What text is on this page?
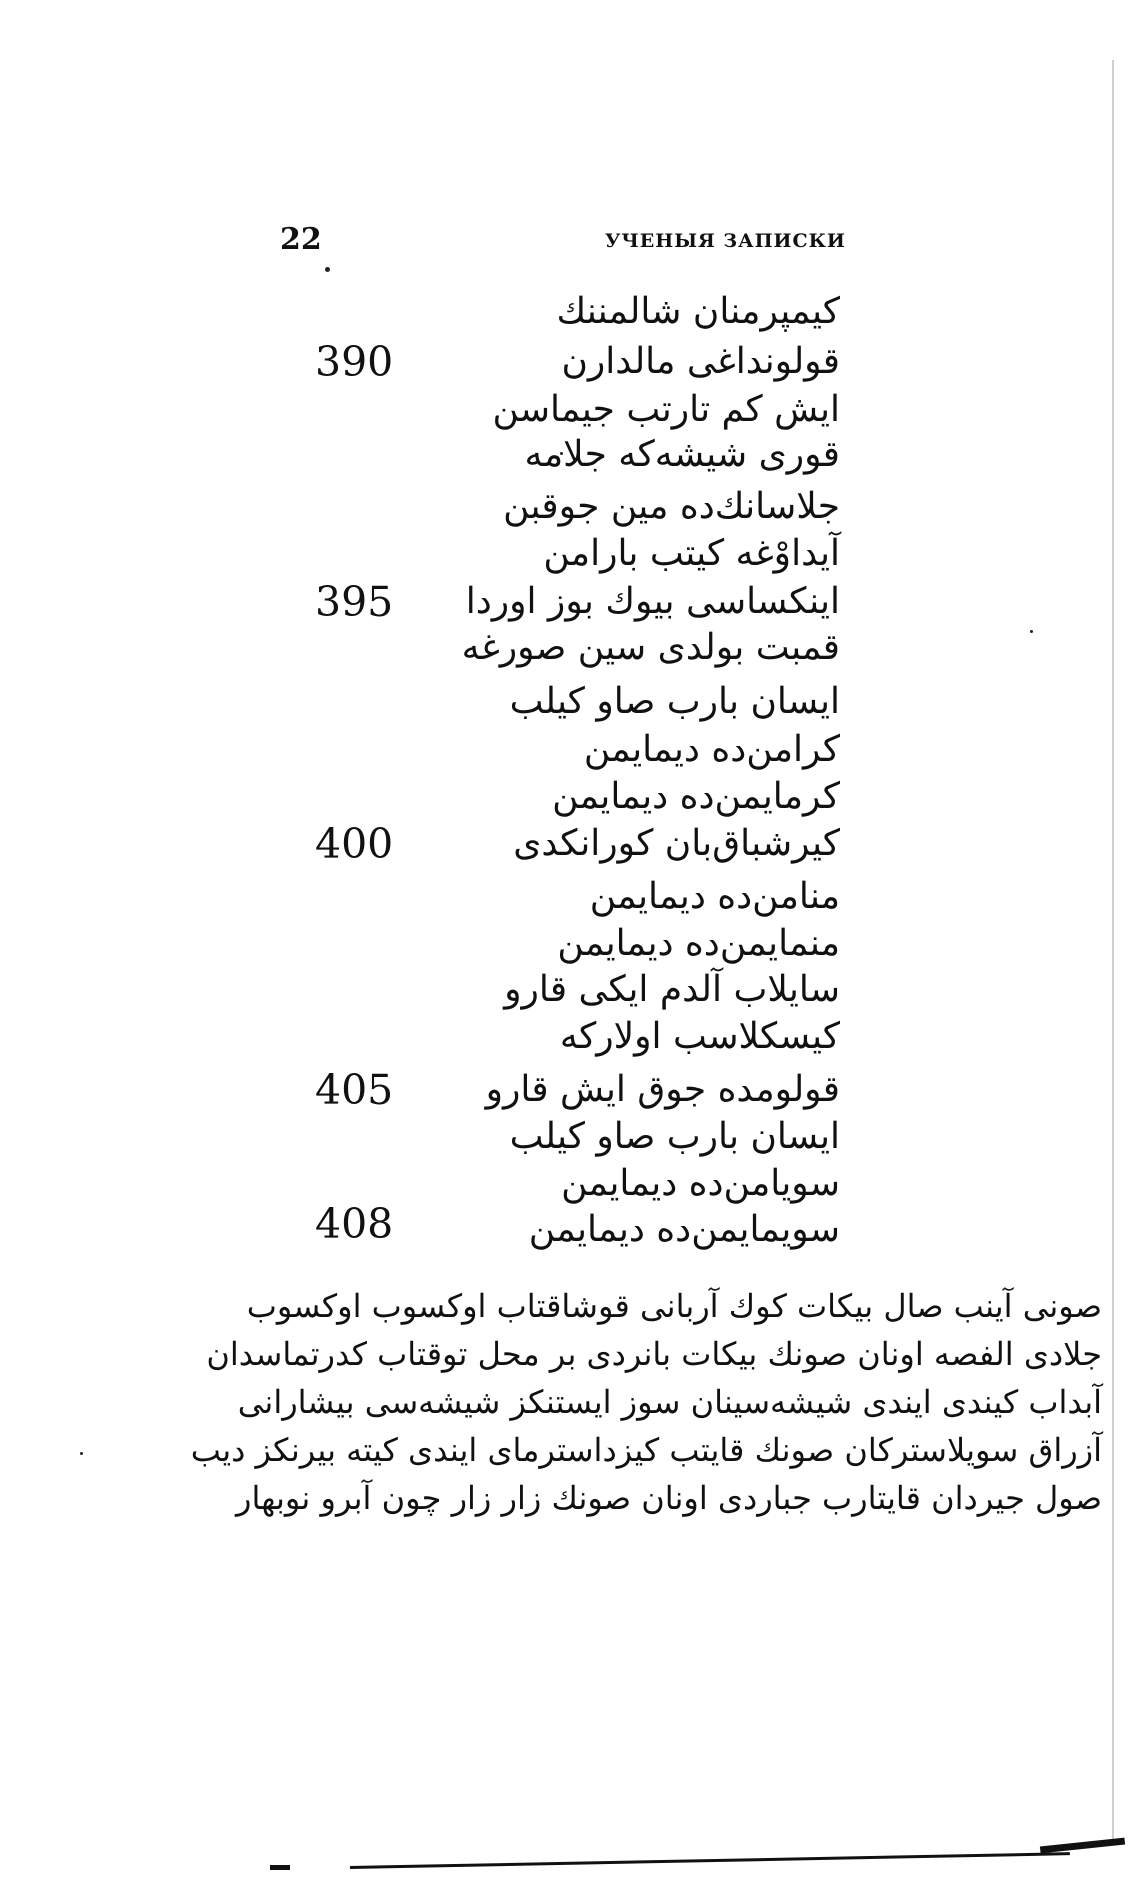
22	УЧЕНЫЯ ЗАПИСКИ
کیمپرمنان شالمننك
قولونداغی مالدارن
ایش کم تارتب جیماسن
قوری شیشه‌که جلامه
جلاسانك‌ده مین جوقبن
آیداوْغه کیتب بارامن
اینکساسی بیوك بوز اوردا
قمبت بولدی سین صورغه
ایسان بارب صاو کیلب
کرامن‌ده دیمایمن
کرمایمن‌ده دیمایمن
کیرشباق‌بان کورانکدی
منامن‌ده دیمایمن
منمایمن‌ده دیمایمن
سایلاب آلدم ایکی قارو
کیسکلاسب اولارکه
قولومده جوق ایش قارو
ایسان بارب صاو کیلب
سویامن‌ده دیمایمن
سویمایمن‌ده دیمایمن
390
395
400
405
408
صونی آینب صال بیکات کوك آربانی قوشاقتاب اوکسوب اوکسوب
جلادی الفصه اونان صونك بیکات بانردی بر محل توقتاب کدرتماسدان
آبداب کیندی ایندی شیشه‌سینان سوز ایستنکز شیشه‌سی بیشارانی
آزراق سویلاسترکان صونك قایتب کیزداسترمای ایندی کیته بیرنکز دیب
صول جیردان قایتارب جباردی اونان صونك زار زار چون آبرو نوبهار
